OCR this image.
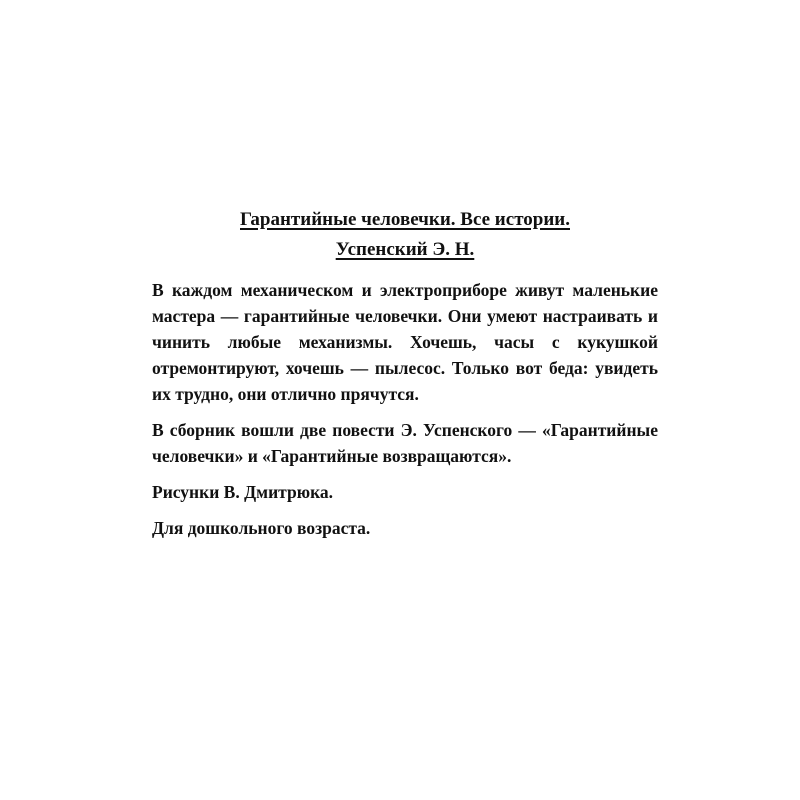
Гарантийные человечки. Все истории.

Успенский Э. Н.

В каждом механическом и электроприборе живут маленькие мастера — гарантийные человечки. Они умеют настраивать и чинить любые механизмы. Хочешь, часы с кукушкой отремонтируют, хочешь — пылесос. Только вот беда: увидеть их трудно, они отлично прячутся.

В сборник вошли две повести Э. Успенского — «Гарантийные человечки» и «Гарантийные возвращаются».

Рисунки В. Дмитрюка.

Для дошкольного возраста.
